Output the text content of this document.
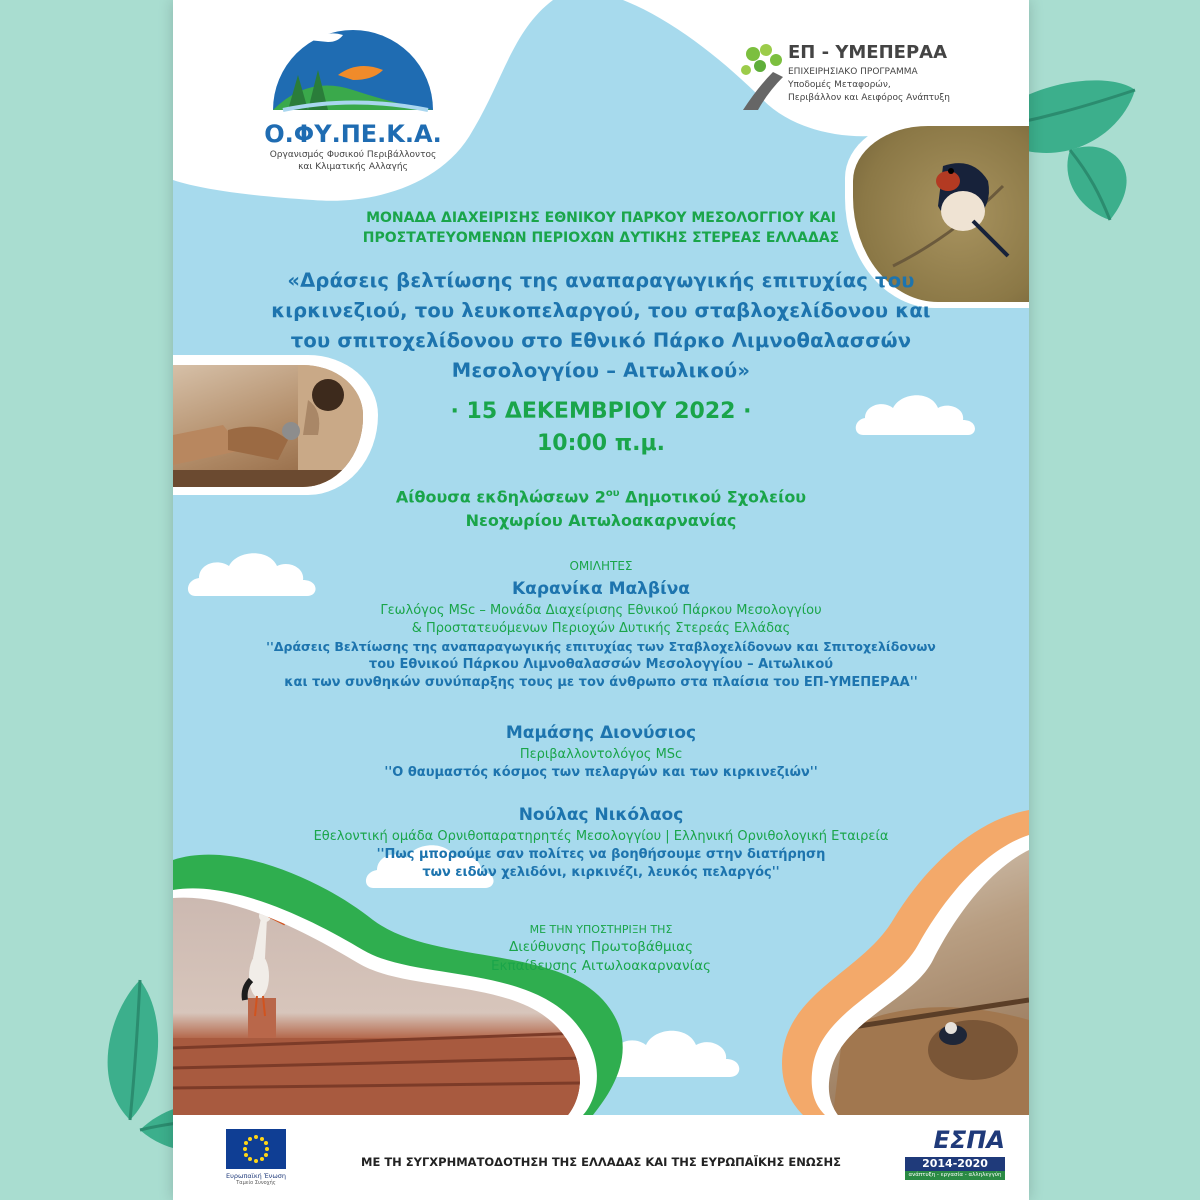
Ο.ΦΥ.ΠΕ.Κ.Α.
Οργανισμός Φυσικού Περιβάλλοντος
και Κλιματικής Αλλαγής
ΕΠ - ΥΜΕΠΕΡΑΑ
ΕΠΙΧΕΙΡΗΣΙΑΚΟ ΠΡΟΓΡΑΜΜΑ
Υποδομές Μεταφορών,
Περιβάλλον και Αειφόρος Ανάπτυξη
ΜΟΝΑΔΑ ΔΙΑΧΕΙΡΙΣΗΣ ΕΘΝΙΚΟΥ ΠΑΡΚΟΥ ΜΕΣΟΛΟΓΓΙΟΥ ΚΑΙ
ΠΡΟΣΤΑΤΕΥΟΜΕΝΩΝ ΠΕΡΙΟΧΩΝ ΔΥΤΙΚΗΣ ΣΤΕΡΕΑΣ ΕΛΛΑΔΑΣ
«Δράσεις βελτίωσης της αναπαραγωγικής επιτυχίας του
κιρκινεζιού, του λευκοπελαργού, του σταβλοχελίδονου και
του σπιτοχελίδονου στο Εθνικό Πάρκο Λιμνοθαλασσών
Μεσολογγίου – Αιτωλικού»
· 15 ΔΕΚΕΜΒΡΙΟΥ 2022 ·
10:00 π.μ.
Αίθουσα εκδηλώσεων $2^{o\upsilon}$ Δημοτικού Σχολείου
Νεοχωρίου Αιτωλοακαρνανίας
ΟΜΙΛΗΤΕΣ
Καρανίκα Μαλβίνα
Γεωλόγος MSc – Μονάδα Διαχείρισης Εθνικού Πάρκου Μεσολογγίου
& Προστατευόμενων Περιοχών Δυτικής Στερεάς Ελλάδας
''Δράσεις Βελτίωσης της αναπαραγωγικής επιτυχίας των Σταβλοχελίδονων και Σπιτοχελίδονων
του Εθνικού Πάρκου Λιμνοθαλασσών Μεσολογγίου – Αιτωλικού
και των συνθηκών συνύπαρξης τους με τον άνθρωπο στα πλαίσια του ΕΠ-ΥΜΕΠΕΡΑΑ''
Μαμάσης Διονύσιος
Περιβαλλοντολόγος MSc
''Ο θαυμαστός κόσμος των πελαργών και των κιρκινεζιών''
Νούλας Νικόλαος
Εθελοντική ομάδα Ορνιθοπαρατηρητές Μεσολογγίου | Ελληνική Ορνιθολογική Εταιρεία
''Πως μπορούμε σαν πολίτες να βοηθήσουμε στην διατήρηση
των ειδών χελιδόνι, κιρκινέζι, λευκός πελαργός''
ΜΕ ΤΗΝ ΥΠΟΣΤΗΡΙΞΗ ΤΗΣ
Διεύθυνσης Πρωτοβάθμιας
Εκπαίδευσης Αιτωλοακαρνανίας
Ευρωπαϊκή Ένωση
Ταμείο Συνοχής
ΜΕ ΤΗ ΣΥΓΧΡΗΜΑΤΟΔΟΤΗΣΗ ΤΗΣ ΕΛΛΑΔΑΣ ΚΑΙ ΤΗΣ ΕΥΡΩΠΑΪΚΗΣ ΕΝΩΣΗΣ
ΕΣΠΑ
2014-2020
ανάπτυξη - εργασία - αλληλεγγύη
